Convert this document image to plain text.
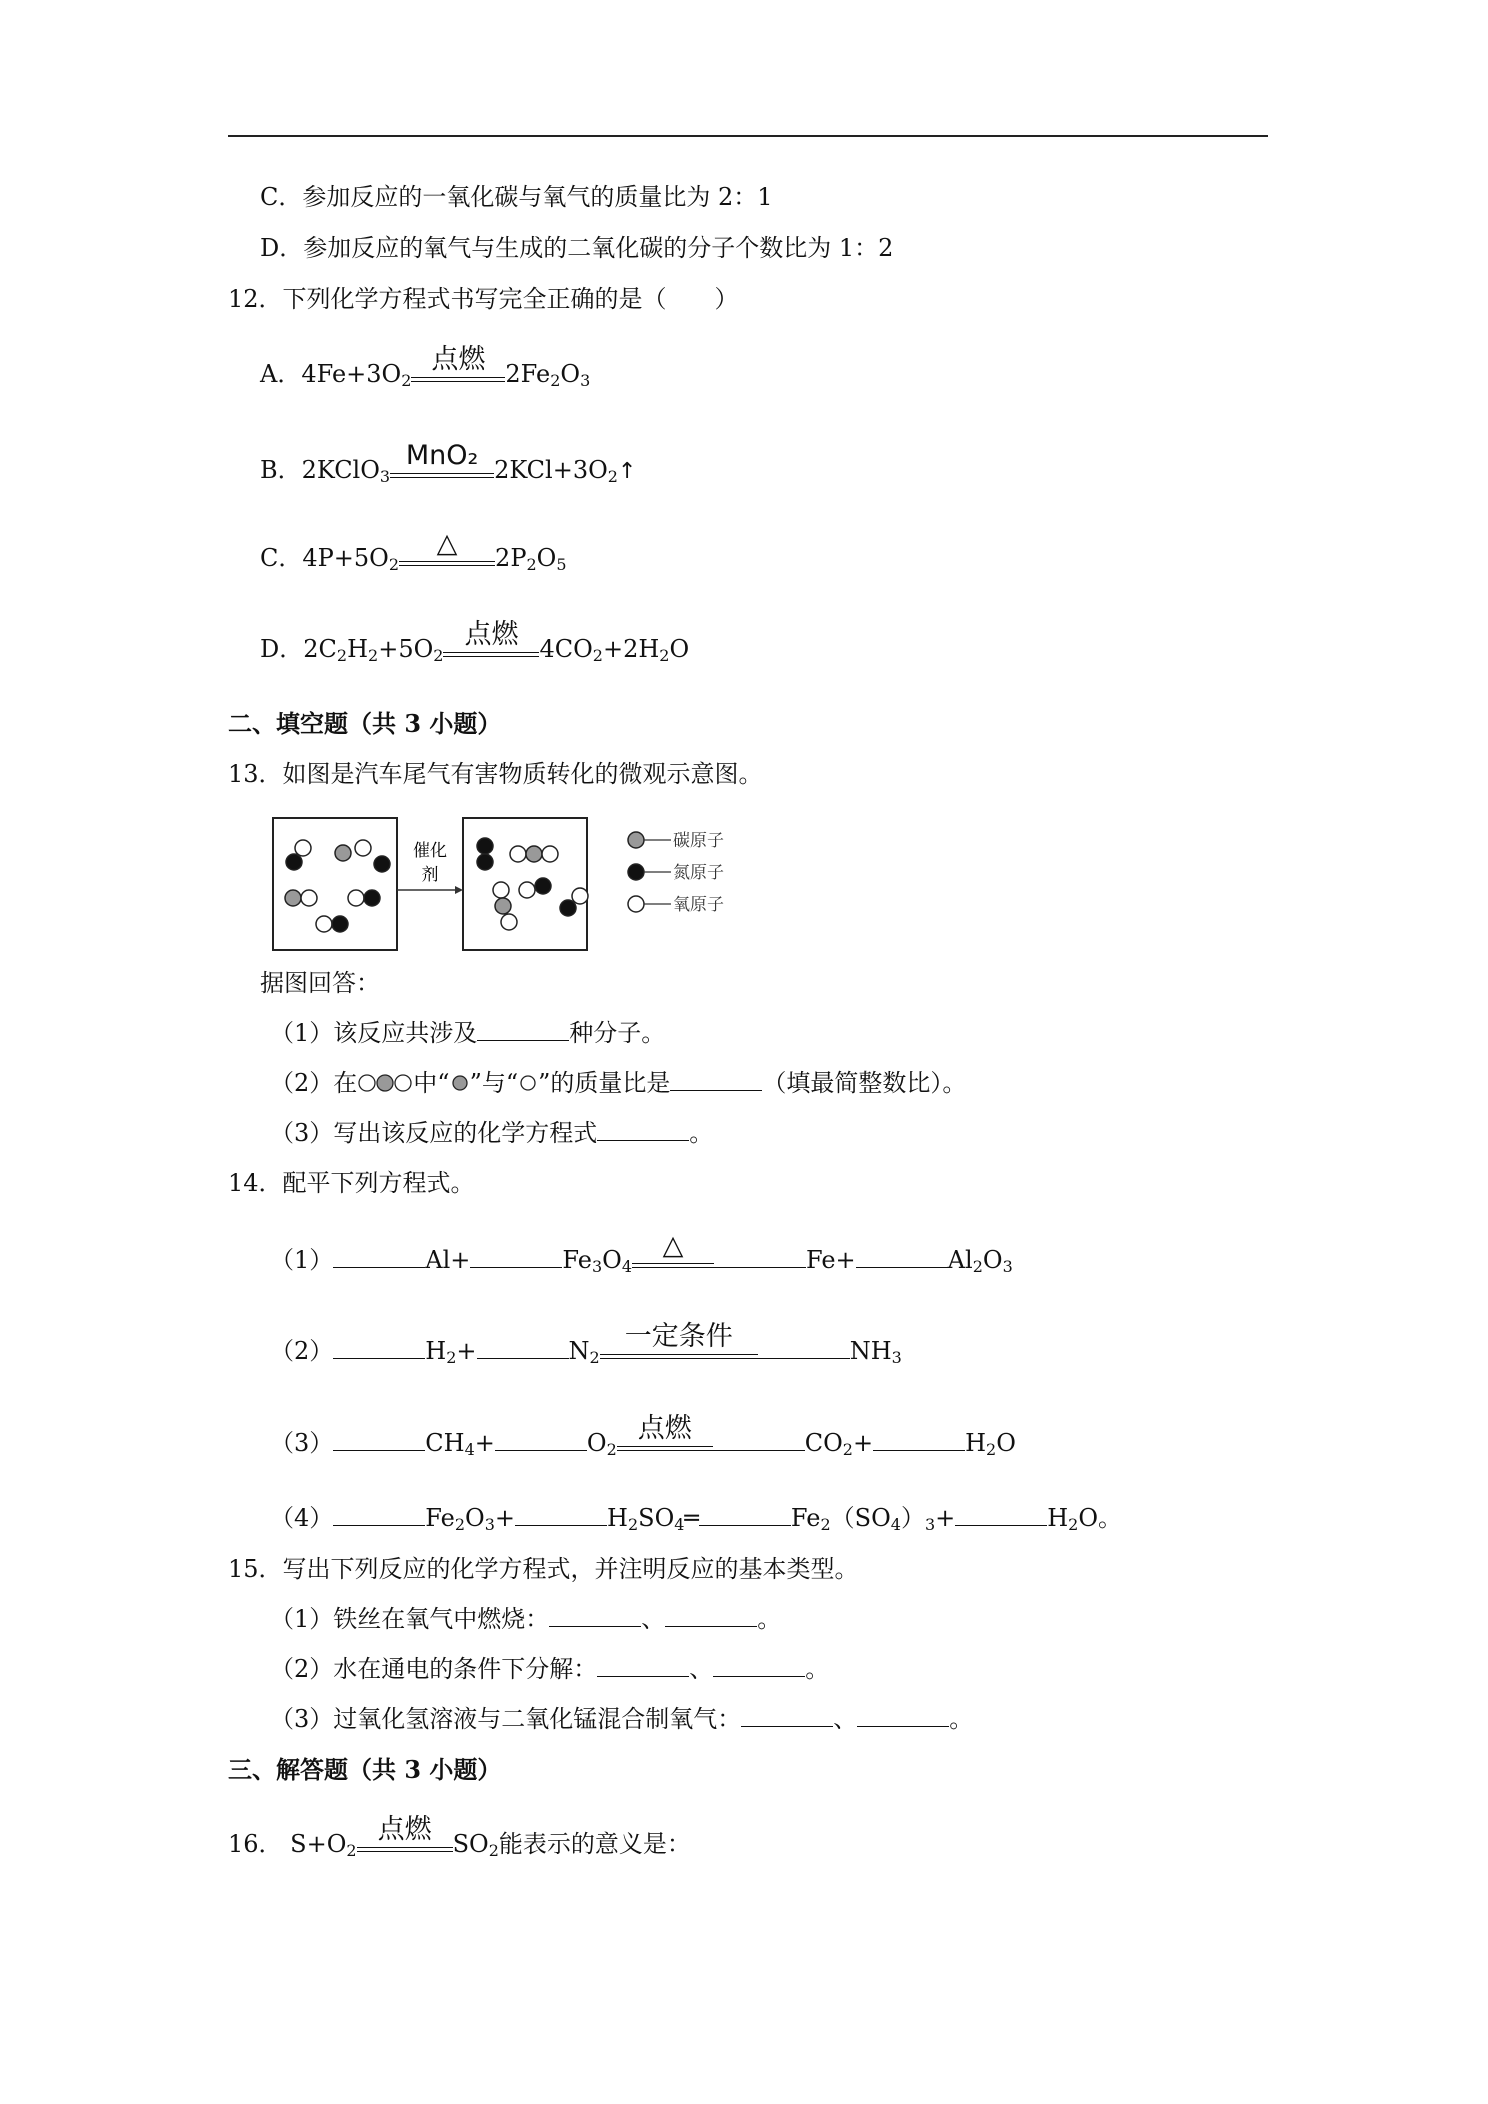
C．参加反应的一氧化碳与氧气的质量比为 2：1
D．参加反应的氧气与生成的二氧化碳的分子个数比为 1：2
12．下列化学方程式书写完全正确的是（　　）
A．$4Fe+3O_2$
点燃 $2Fe_2O_3$
B．2KClO$_3$
MnO₂ $2KCl+3O_2↑$
C．$4P+5O_2$
△	$2P_2O_5$
D．$2C_2H_2+5O_2$
点燃 $4CO_2+2H_2O$
二、填空题（共 3 小题）
13．如图是汽车尾气有害物质转化的微观示意图。
催化
剂
碳原子
氮原子
氧原子
据图回答：
（1）该反应共涉及	种分子。
（2）在 中“ ”与“ ”的质量比是	（填最简整数比）。
（3）写出该反应的化学方程式	。
14．配平下列方程式。
（1）	Al+	$Fe_3O_4$
△	Fe+	$Al_2O_3$
（2）	$H_2+$	$N_2$
一定条件	$NH_3$
（3）	$CH_4+$	$O_2$
点燃	$CO_2+$	$H_2O$
（4）	$Fe_2O_3+$	$H_2SO_4═$	$Fe_2(SO_4)_3+$	$H_2O$。
15．写出下列反应的化学方程式，并注明反应的基本类型。
（1）铁丝在氧气中燃烧：	、	。
（2）水在通电的条件下分解：	、	。
（3）过氧化氢溶液与二氧化锰混合制氧气：	、	。
三、解答题（共 3 小题）
16． $S+O_2$
点燃 $SO_2$能表示的意义是：
